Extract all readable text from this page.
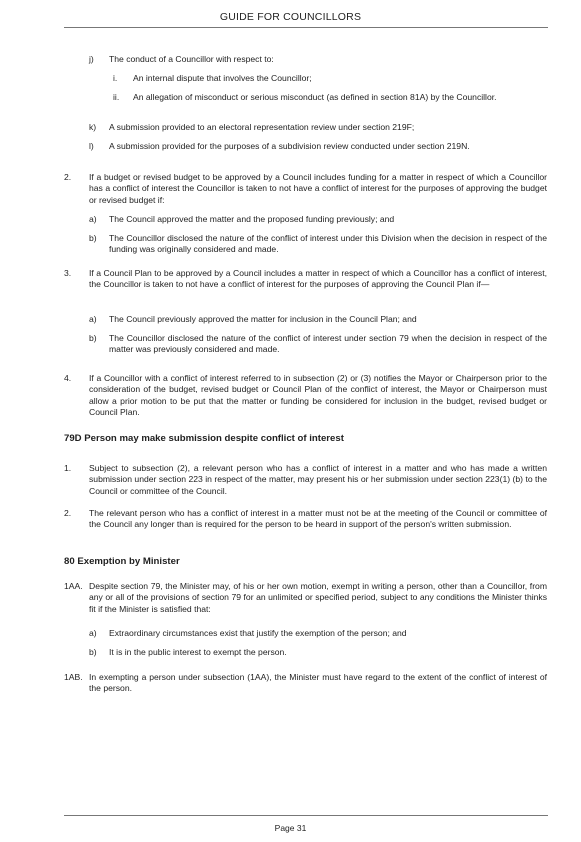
GUIDE FOR COUNCILLORS
j) The conduct of a Councillor with respect to:

i. An internal dispute that involves the Councillor;

ii. An allegation of misconduct or serious misconduct (as defined in section 81A) by the Councillor.

k) A submission provided to an electoral representation review under section 219F;

l) A submission provided for the purposes of a subdivision review conducted under section 219N.

2. If a budget or revised budget to be approved by a Council includes funding for a matter in respect of which a Councillor has a conflict of interest the Councillor is taken to not have a conflict of interest for the purposes of approving the budget or revised budget if:

a) The Council approved the matter and the proposed funding previously; and

b) The Councillor disclosed the nature of the conflict of interest under this Division when the decision in respect of the funding was originally considered and made.

3. If a Council Plan to be approved by a Council includes a matter in respect of which a Councillor has a conflict of interest, the Councillor is taken to not have a conflict of interest for the purposes of approving the Council Plan if—

a) The Council previously approved the matter for inclusion in the Council Plan; and

b) The Councillor disclosed the nature of the conflict of interest under section 79 when the decision in respect of the matter was previously considered and made.

4. If a Councillor with a conflict of interest referred to in subsection (2) or (3) notifies the Mayor or Chairperson prior to the consideration of the budget, revised budget or Council Plan of the conflict of interest, the Mayor or Chairperson must allow a prior motion to be put that the matter or funding be considered for inclusion in the budget, revised budget or Council Plan.

79D Person may make submission despite conflict of interest
1. Subject to subsection (2), a relevant person who has a conflict of interest in a matter and who has made a written submission under section 223 in respect of the matter, may present his or her submission under section 223(1) (b) to the Council or committee of the Council.

2. The relevant person who has a conflict of interest in a matter must not be at the meeting of the Council or committee of the Council any longer than is required for the person to be heard in support of the person's written submission.

80 Exemption by Minister
1AA. Despite section 79, the Minister may, of his or her own motion, exempt in writing a person, other than a Councillor, from any or all of the provisions of section 79 for an unlimited or specified period, subject to any conditions the Minister thinks fit if the Minister is satisfied that:

a) Extraordinary circumstances exist that justify the exemption of the person; and

b) It is in the public interest to exempt the person.

1AB. In exempting a person under subsection (1AA), the Minister must have regard to the extent of the conflict of interest of the person.

Page 31
